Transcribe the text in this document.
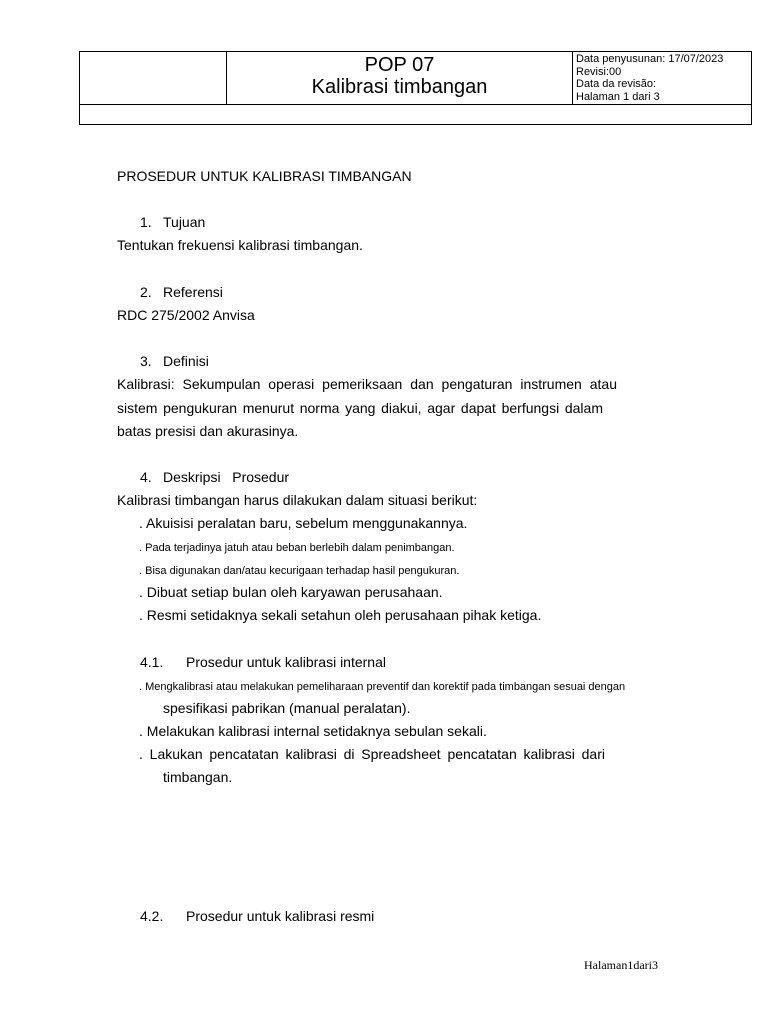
POP 07
Kalibrasi timbangan
Data penyusunan: 17/07/2023
Revisi:00
Data da revisão:
Halaman 1 dari 3
PROSEDUR UNTUK KALIBRASI TIMBANGAN
1. Tujuan
Tentukan frekuensi kalibrasi timbangan.
2. Referensi
RDC 275/2002 Anvisa
3. Definisi
Kalibrasi: Sekumpulan operasi pemeriksaan dan pengaturan instrumen atau
sistem pengukuran menurut norma yang diakui, agar dapat berfungsi dalam
batas presisi dan akurasinya.
4. Deskripsi   Prosedur
Kalibrasi timbangan harus dilakukan dalam situasi berikut:
. Akuisisi peralatan baru, sebelum menggunakannya.
. Pada terjadinya jatuh atau beban berlebih dalam penimbangan.
. Bisa digunakan dan/atau kecurigaan terhadap hasil pengukuran.
. Dibuat setiap bulan oleh karyawan perusahaan.
. Resmi setidaknya sekali setahun oleh perusahaan pihak ketiga.
4.1. Prosedur untuk kalibrasi internal
. Mengkalibrasi atau melakukan pemeliharaan preventif dan korektif pada timbangan sesuai dengan
spesifikasi pabrikan (manual peralatan).
. Melakukan kalibrasi internal setidaknya sebulan sekali.
. Lakukan pencatatan kalibrasi di Spreadsheet pencatatan kalibrasi dari
timbangan.
4.2. Prosedur untuk kalibrasi resmi
Halaman1dari3
